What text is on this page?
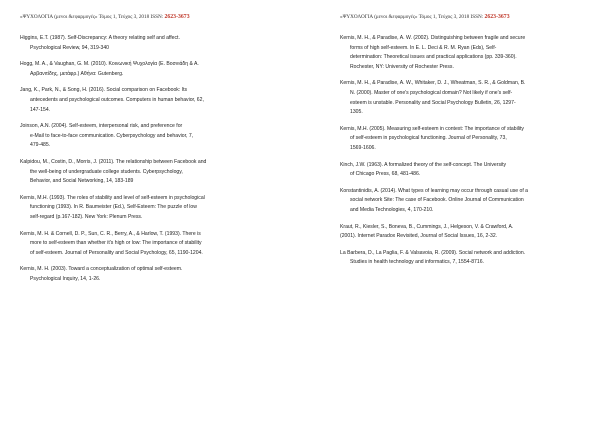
«ΨΥΧΟΛΟΓΙΑ (μενοι &εφαρμογές» Τόμος 1, Τεύχος 3, 2018 ISSN: 2623-3673
Higgins, E.T. (1987). Self-Discrepancy: A theory relating self and affect.
Psychological Review, 94, 319-340
Hogg, M. A., & Vaughan, G. M. (2010). Κοινωνική Ψυχολογία (Ε. Βοσνιάδη & Α.
Αρβανιτίδης, μετάφρ.) Αθήνα: Gutenberg.
Jang, K., Park, N., & Song, H. (2016). Social comparison on Facebook: Its
antecedents and psychological outcomes. Computers in human behavior, 62,
147-154.
Joinson, A.N. (2004). Self-esteem, interpersonal risk, and preference for
e-Mail to face-to-face communication. Cyberpsychology and behavior, 7,
479-485.
Kalpidou, M., Costin, D., Morris, J. (2011). The relationship between Facebook and
the well-being of undergraduate college students. Cyberpsychology,
Behavior, and Social Networking, 14, 183-189
Kernis, M.H. (1993). The roles of stability and level of self-esteem in psychological
functioning (1993). In R. Baumeister (Ed.), Self-Esteem: The puzzle of low
self-regard (p.167-182). New York: Plenum Press.
Kernis, M. H. & Cornell, D. P., Sun, C. R., Berry, A., & Harlow, T. (1993). There is
more to self-esteem than whether it's high or low: The importance of stability
of self-esteem. Journal of Personality and Social Psychology, 65, 1190-1204.
Kernis, M. H. (2003). Toward a conceptualization of optimal self-esteem.
Psychological Inquiry, 14, 1-26.
«ΨΥΧΟΛΟΓΙΑ (μενοι &εφαρμογές» Τόμος 1, Τεύχος 3, 2018 ISSN: 2623-3673
Kernis, M. H., & Paradise, A. W. (2002). Distinguishing between fragile and secure
forms of high self-esteem. In E. L. Deci & R. M. Ryan (Eds), Self-
determination: Theoretical issues and practical applications (pp. 339-360).
Rochester, NY: University of Rochester Press.
Kernis, M. H., & Paradise, A. W., Whitaker, D. J., Wheatman, S. R., & Goldman, B.
N. (2000). Master of one's psychological domain? Not likely if one's self-
esteem is unstable. Personality and Social Psychology Bulletin, 26, 1297-
1305.
Kernis, M.H. (2005). Measuring self-esteem in context: The importance of stability
of self-esteem in psychological functioning. Journal of Personality, 73,
1569-1606.
Kinch, J.W. (1963). A formalized theory of the self-concept. The University
of Chicago Press, 68, 481-486.
Konstantinidis, A. (2014). What types of learning may occur through casual use of a
social network Site: The case of Facebook. Online Journal of Communication
and Media Technologies, 4, 170-210.
Kraut, R., Kiesler, S., Boneva, B., Cummings, J., Helgeson, V. & Crawford, A.
(2001). Internet Paradox Revisited, Journal of Social Issues, 16, 2-32.
La Barbera, D., La Paglia, F. & Valsavoia, R. (2009). Social network and addiction.
Studies in health technology and informatics, 7, 1554-8716.
